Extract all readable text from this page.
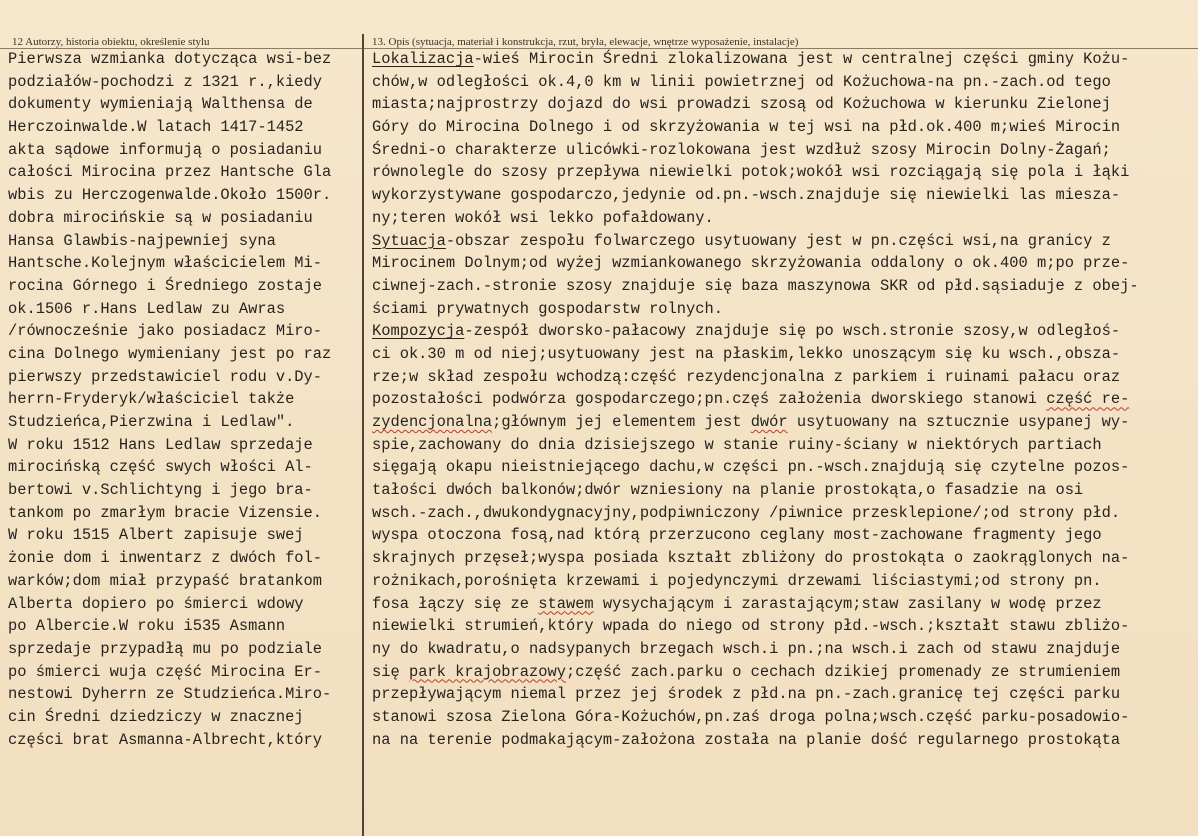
12 Autorzy, historia obiektu, określenie stylu	13. Opis (sytuacja, materiał i konstrukcja, rzut, bryła, elewacje, wnętrze wyposażenie, instalacje)
Pierwsza wzmianka dotycząca wsi-bez
podziałów-pochodzi z 1321 r.,kiedy
dokumenty wymieniają Walthensa de
Herczoinwalde.W latach 1417-1452
akta sądowe informują o posiadaniu
całości Mirocina przez Hantsche Gla
wbis zu Herczogenwalde.Około 1500r.
dobra mirocińskie są w posiadaniu
Hansa Glawbis-najpewniej syna
Hantsche.Kolejnym właścicielem Mi-
rocina Górnego i Średniego zostaje
ok.1506 r.Hans Ledlaw zu Awras
/równocześnie jako posiadacz Miro-
cina Dolnego wymieniany jest po raz
pierwszy przedstawiciel rodu v.Dy-
herrn-Fryderyk/właściciel także
Studzieńca,Pierzwina i Ledlaw".
W roku 1512 Hans Ledlaw sprzedaje
mirocińską część swych włości Al-
bertowi v.Schlichtyng i jego bra-
tankom po zmarłym bracie Vizensie.
W roku 1515 Albert zapisuje swej
żonie dom i inwentarz z dwóch fol-
warków;dom miał przypaść bratankom
Alberta dopiero po śmierci wdowy
po Albercie.W roku i535 Asmann
sprzedaje przypadłą mu po podziale
po śmierci wuja część Mirocina Er-
nestowi Dyherrn ze Studzieńca.Miro-
cin Średni dziedziczy w znacznej
części brat Asmanna-Albrecht,który
Lokalizacja-wieś Mirocin Średni zlokalizowana jest w centralnej części gminy Kożu-
chów,w odległości ok.4,0 km w linii powietrznej od Kożuchowa-na pn.-zach.od tego
miasta;najprostrzy dojazd do wsi prowadzi szosą od Kożuchowa w kierunku Zielonej
Góry do Mirocina Dolnego i od skrzyżowania w tej wsi na płd.ok.400 m;wieś Mirocin
Średni-o charakterze ulicówki-rozlokowana jest wzdłuż szosy Mirocin Dolny-Żagań;
równolegle do szosy przepływa niewielki potok;wokół wsi rozciągają się pola i łąki
wykorzystywane gospodarczo,jedynie od.pn.-wsch.znajduje się niewielki las miesza-
ny;teren wokół wsi lekko pofałdowany.
Sytuacja-obszar zespołu folwarczego usytuowany jest w pn.części wsi,na granicy z
Mirocinem Dolnym;od wyżej wzmiankowanego skrzyżowania oddalony o ok.400 m;po prze-
ciwnej-zach.-stronie szosy znajduje się baza maszynowa SKR od płd.sąsiaduje z obej-
ściami prywatnych gospodarstw rolnych.
Kompozycja-zespół dworsko-pałacowy znajduje się po wsch.stronie szosy,w odległoś-
ci ok.30 m od niej;usytuowany jest na płaskim,lekko unoszącym się ku wsch.,obsza-
rze;w skład zespołu wchodzą:część rezydencjonalna z parkiem i ruinami pałacu oraz
pozostałości podwórza gospodarczego;pn.częś założenia dworskiego stanowi część re-
zydencjonalna;głównym jej elementem jest dwór usytuowany na sztucznie usypanej wy-
spie,zachowany do dnia dzisiejszego w stanie ruiny-ściany w niektórych partiach
sięgają okapu nieistniejącego dachu,w części pn.-wsch.znajdują się czytelne pozos-
tałości dwóch balkonów;dwór wzniesiony na planie prostokąta,o fasadzie na osi
wsch.-zach.,dwukondygnacyjny,podpiwniczony /piwnice przesklepione/;od strony płd.
wyspa otoczona fosą,nad którą przerzucono ceglany most-zachowane fragmenty jego
skrajnych przęseł;wyspa posiada kształt zbliżony do prostokąta o zaokrąglonych na-
rożnikach,porośnięta krzewami i pojedynczymi drzewami liściastymi;od strony pn.
fosa łączy się ze stawem wysychającym i zarastającym;staw zasilany w wodę przez
niewielki strumień,który wpada do niego od strony płd.-wsch.;kształt stawu zbliżo-
ny do kwadratu,o nadsypanych brzegach wsch.i pn.;na wsch.i zach od stawu znajduje
się park krajobrazowy;część zach.parku o cechach dzikiej promenady ze strumieniem
przepływającym niemal przez jej środek z płd.na pn.-zach.granicę tej części parku
stanowi szosa Zielona Góra-Kożuchów,pn.zaś droga polna;wsch.część parku-posadowio-
na na terenie podmakającym-założona została na planie dość regularnego prostokąta
